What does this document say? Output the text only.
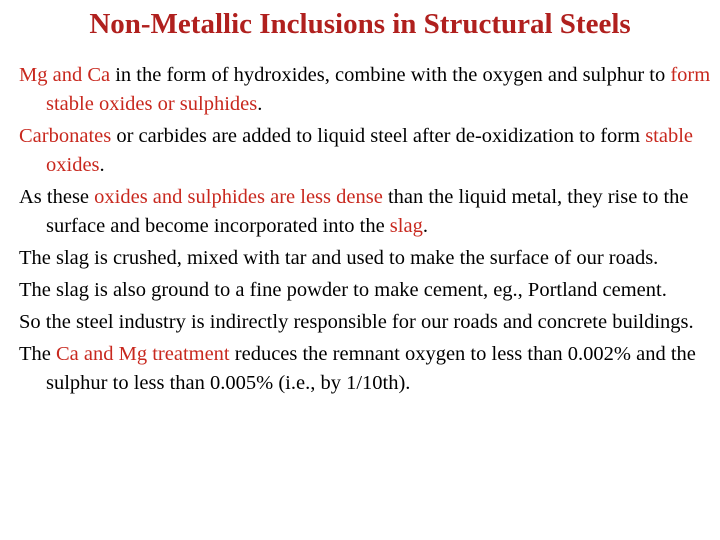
Non-Metallic Inclusions in Structural Steels

Mg and Ca in the form of hydroxides, combine with the oxygen and sulphur to form stable oxides or sulphides.

Carbonates or carbides are added to liquid steel after de-oxidization to form stable oxides.

As these oxides and sulphides are less dense than the liquid metal, they rise to the surface and become incorporated into the slag.

The slag is crushed, mixed with tar and used to make the surface of our roads.

The slag is also ground to a fine powder to make cement, eg., Portland cement.

So the steel industry is indirectly responsible for our roads and concrete buildings.

The Ca and Mg treatment reduces the remnant oxygen to less than 0.002% and the sulphur to less than 0.005% (i.e., by 1/10th).
